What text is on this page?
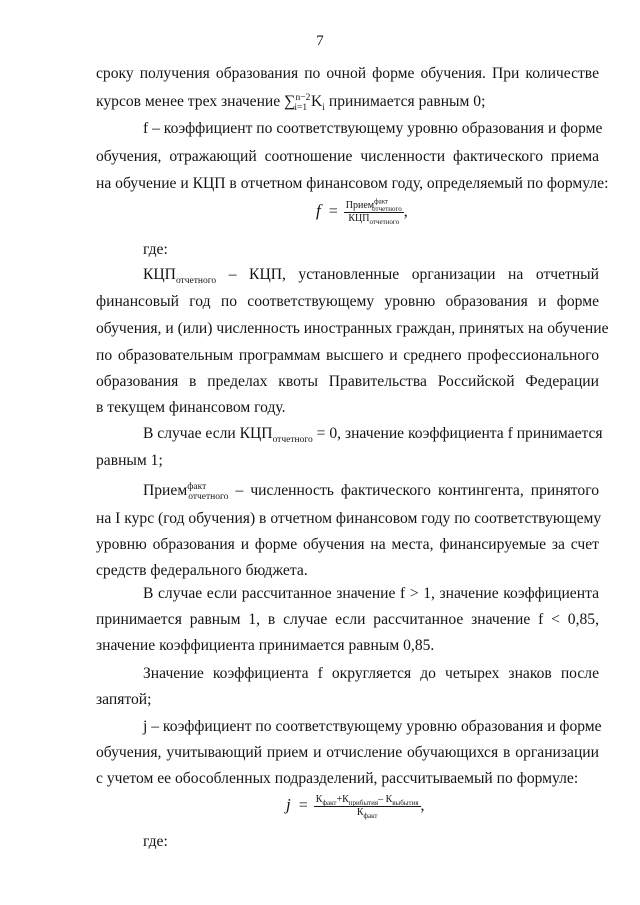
7
сроку получения образования по очной форме обучения. При количестве
курсов менее трех значение ∑$^{n-2}_{i=1}$ $K_i$ принимается равным 0;
f – коэффициент по соответствующему уровню образования и форме
обучения, отражающий соотношение численности фактического приема
на обучение и КЦП в отчетном финансовом году, определяемый по формуле:
$f = \frac{Прием^{факт}_{отчетного}}{КЦП_{отчетного}}$ ,
где:
$КЦП_{отчетного}$ – КЦП, установленные организации на отчетный
финансовый год по соответствующему уровню образования и форме
обучения, и (или) численность иностранных граждан, принятых на обучение
по образовательным программам высшего и среднего профессионального
образования в пределах квоты Правительства Российской Федерации
в текущем финансовом году.
В случае если $КЦП_{отчетного} = 0$, значение коэффициента f принимается
равным 1;
Прием$^{факт}_{отчетного}$ – численность фактического контингента, принятого
на I курс (год обучения) в отчетном финансовом году по соответствующему
уровню образования и форме обучения на места, финансируемые за счет
средств федерального бюджета.
В случае если рассчитанное значение f > 1, значение коэффициента
принимается равным 1, в случае если рассчитанное значение f < 0,85,
значение коэффициента принимается равным 0,85.
Значение коэффициента f округляется до четырех знаков после
запятой;
j – коэффициент по соответствующему уровню образования и форме
обучения, учитывающий прием и отчисление обучающихся в организации
с учетом ее обособленных подразделений, рассчитываемый по формуле:
$j = \frac{К_{факт}+К_{прибытия}- К_{выбытия}}{К_{факт}}$ ,
где:
